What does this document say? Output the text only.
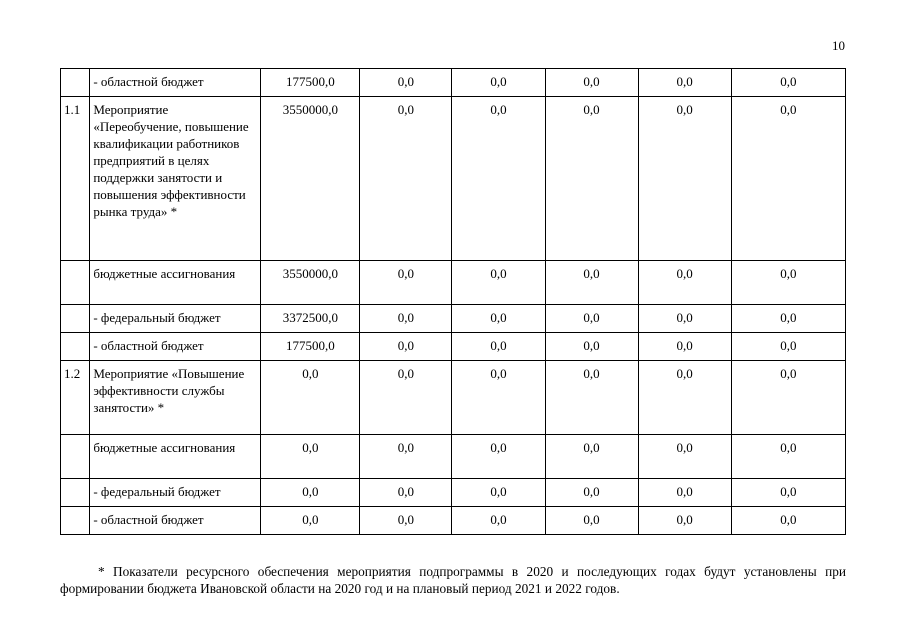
10
	- областной бюджет	177500,0	0,0	0,0	0,0	0,0	0,0
1.1	Мероприятие «Переобучение, повышение квалификации работников предприятий в целях поддержки занятости и повышения эффективности рынка труда» *	3550000,0	0,0	0,0	0,0	0,0	0,0
	бюджетные ассигнования	3550000,0	0,0	0,0	0,0	0,0	0,0
	- федеральный бюджет	3372500,0	0,0	0,0	0,0	0,0	0,0
	- областной бюджет	177500,0	0,0	0,0	0,0	0,0	0,0
1.2	Мероприятие «Повышение эффективности службы занятости» *	0,0	0,0	0,0	0,0	0,0	0,0
	бюджетные ассигнования	0,0	0,0	0,0	0,0	0,0	0,0
	- федеральный бюджет	0,0	0,0	0,0	0,0	0,0	0,0
	- областной бюджет	0,0	0,0	0,0	0,0	0,0	0,0
* Показатели ресурсного обеспечения мероприятия подпрограммы в 2020 и последующих годах будут установлены при формировании бюджета Ивановской области на 2020 год и на плановый период 2021 и 2022 годов.
